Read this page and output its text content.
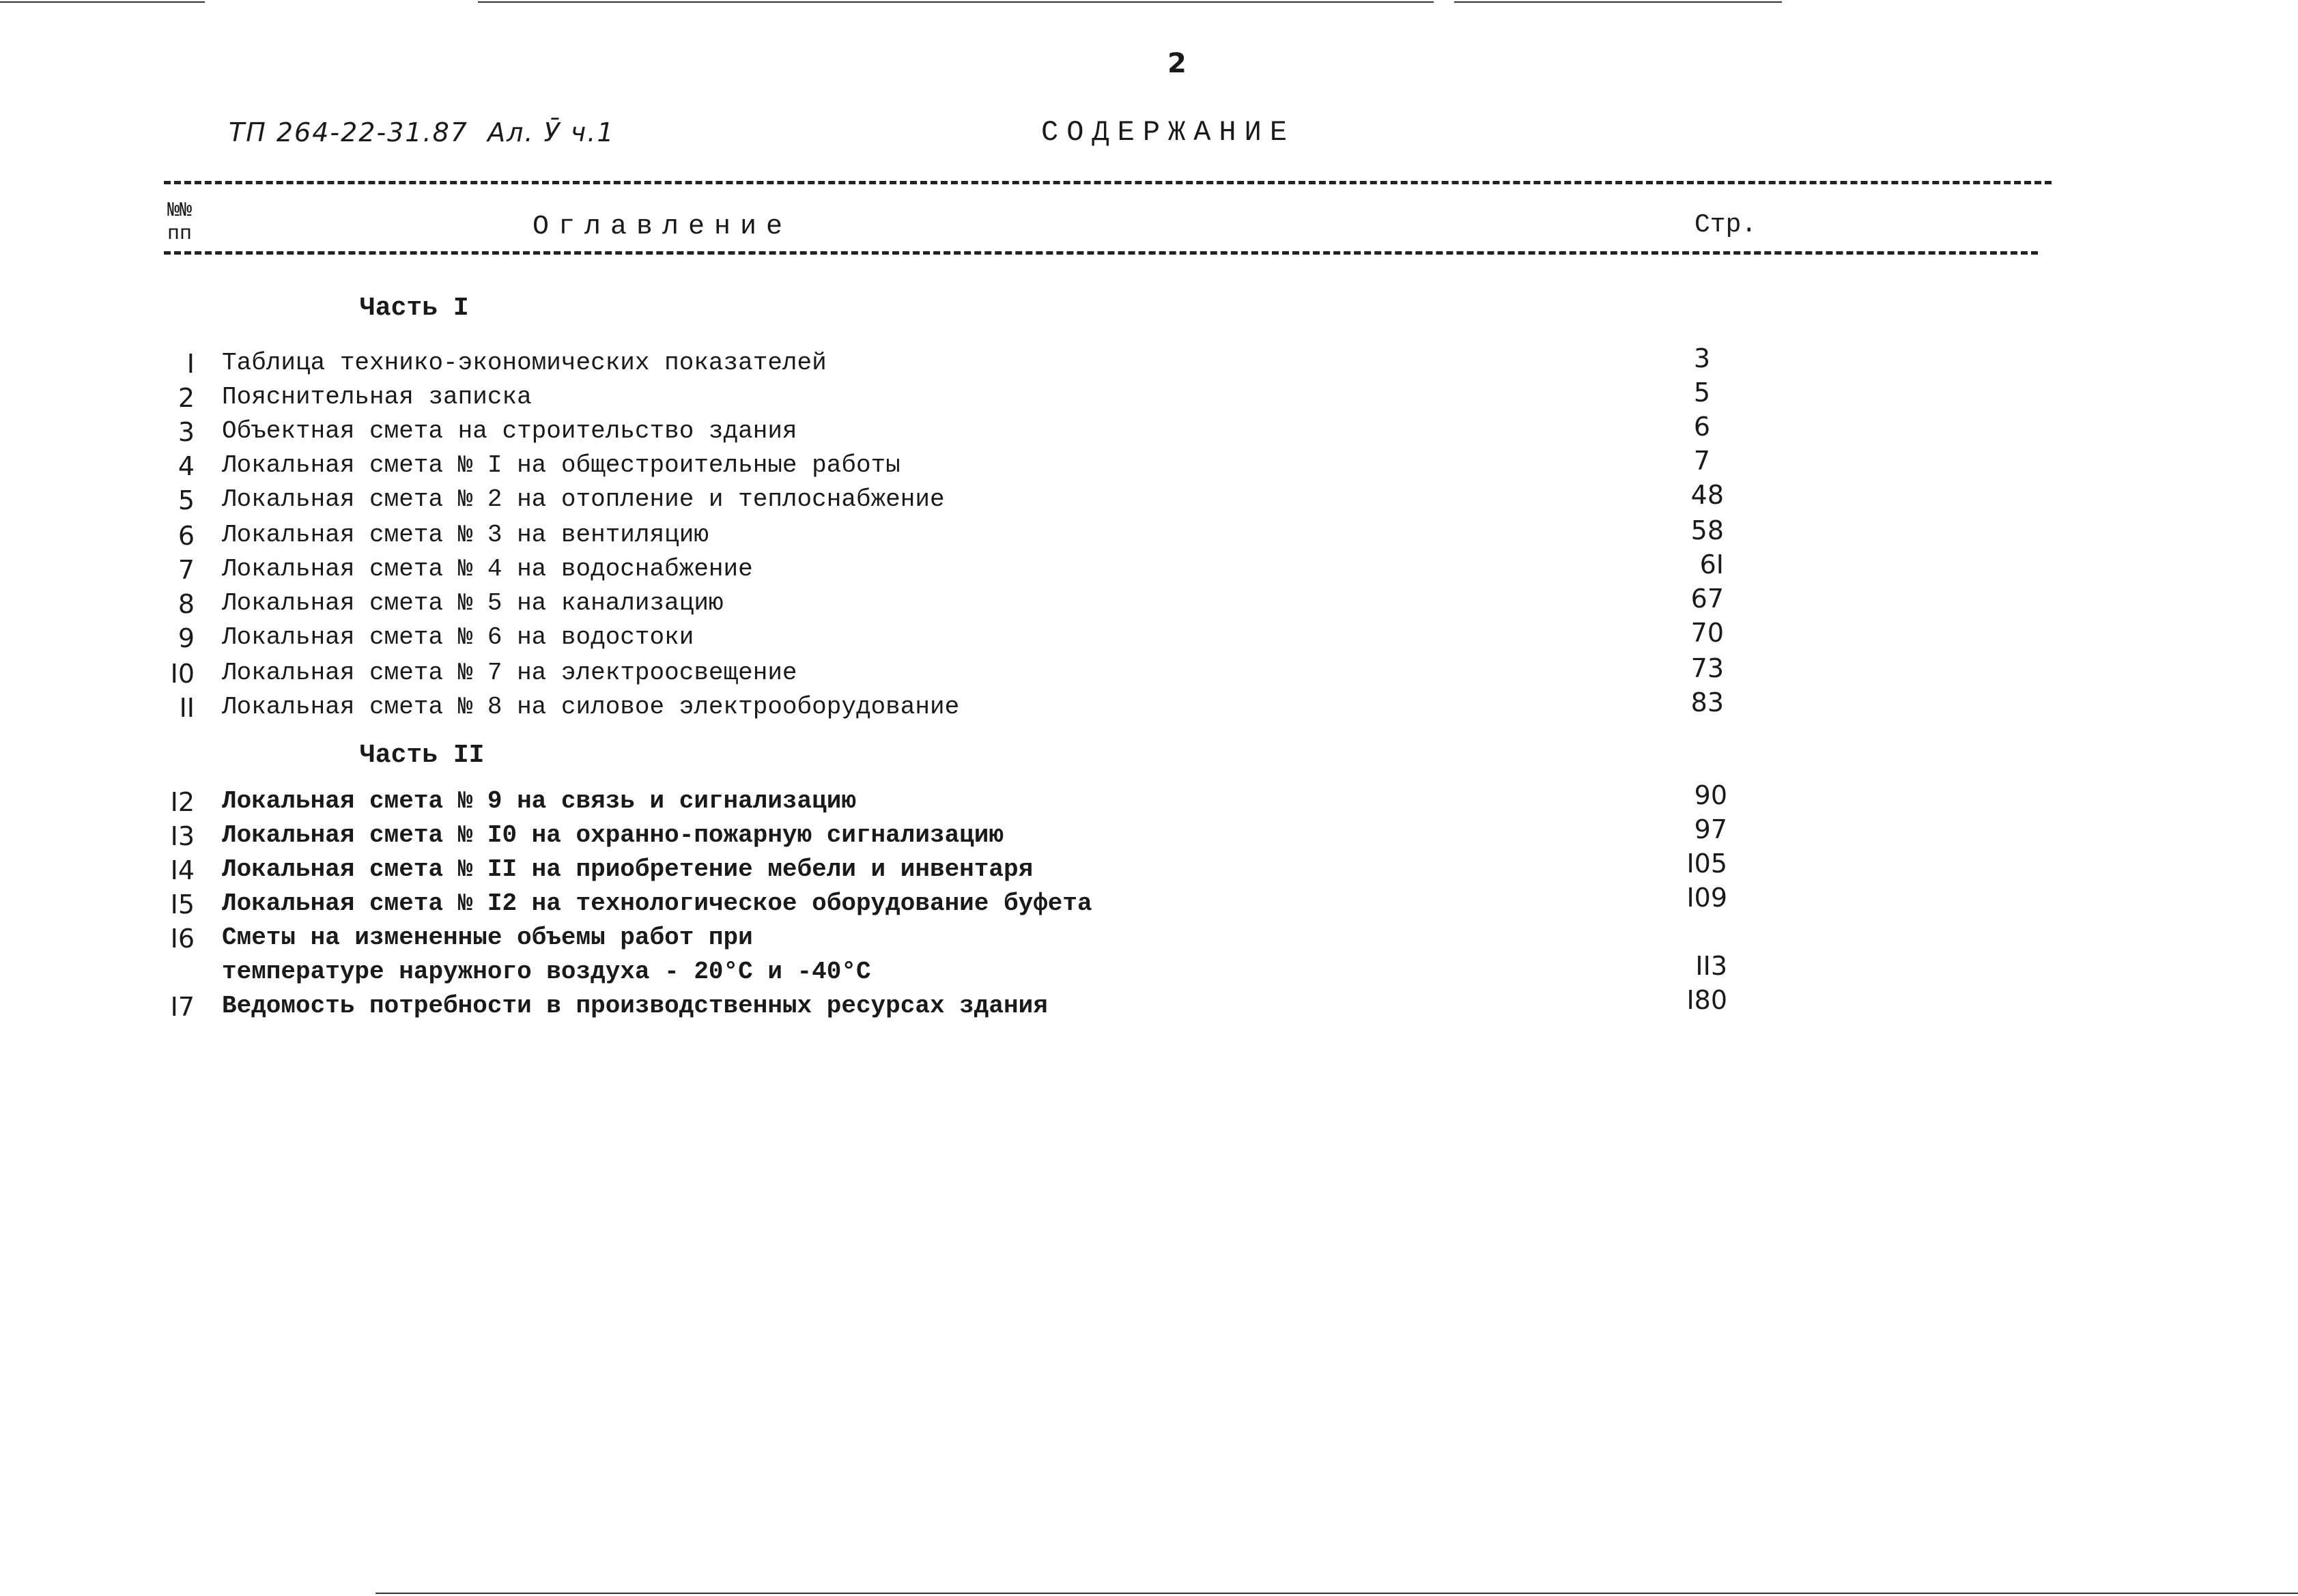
2
ТП 264-22-31.87  Ал. Ӯ ч.1	СОДЕРЖАНИЕ
№№
пп	Оглавление	Стр.
Часть I
I Таблица технико-экономических показателей	3
2 Пояснительная записка	5
3 Объектная смета на строительство здания	6
4 Локальная смета № I на общестроительные работы	7
5 Локальная смета № 2 на отопление и теплоснабжение	48
6 Локальная смета № 3 на вентиляцию	58
7 Локальная смета № 4 на водоснабжение	6I
8 Локальная смета № 5 на канализацию	67
9 Локальная смета № 6 на водостоки	70
I0 Локальная смета № 7 на электроосвещение	73
II Локальная смета № 8 на силовое электрооборудование	83
Часть II
I2 Локальная смета № 9 на связь и сигнализацию	90
I3 Локальная смета № I0 на охранно-пожарную сигнализацию	97
I4 Локальная смета № II на приобретение мебели и инвентаря	I05
I5 Локальная смета № I2 на технологическое оборудование буфета	I09
I6 Сметы на измененные объемы работ при
температуре наружного воздуха - 20°С и -40°С	II3
I7 Ведомость потребности в производственных ресурсах здания	I80
